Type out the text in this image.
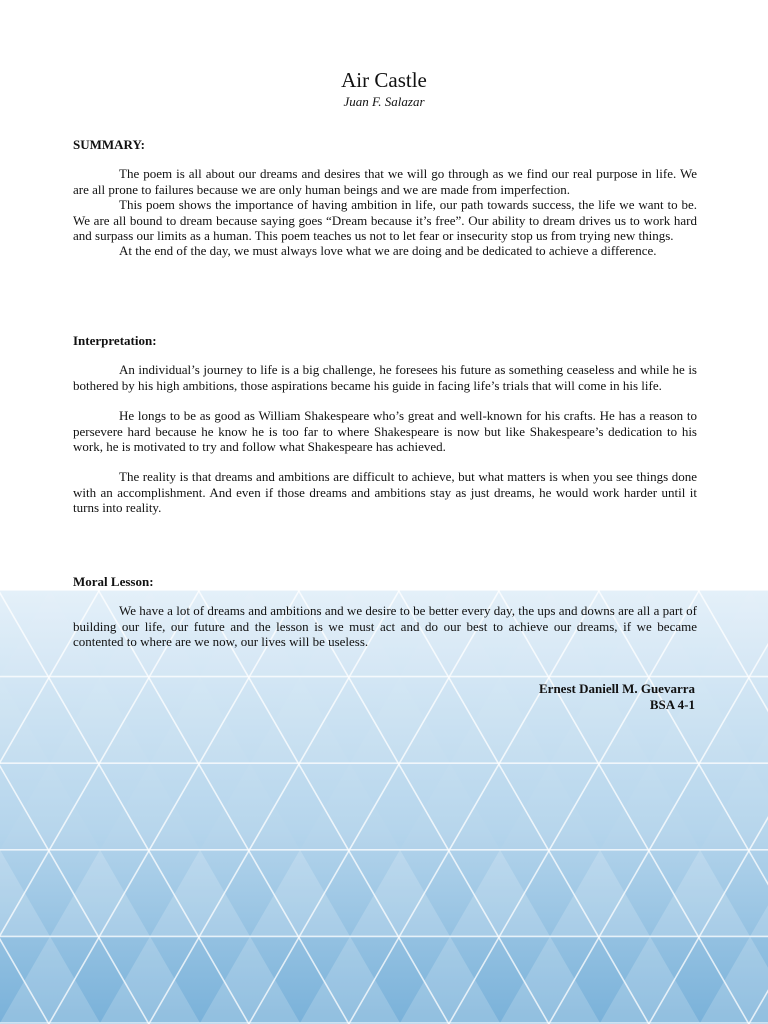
Air Castle
Juan F. Salazar

SUMMARY:

The poem is all about our dreams and desires that we will go through as we find our real purpose in life. We are all prone to failures because we are only human beings and we are made from imperfection.

This poem shows the importance of having ambition in life, our path towards success, the life we want to be. We are all bound to dream because saying goes “Dream because it’s free”. Our ability to dream drives us to work hard and surpass our limits as a human. This poem teaches us not to let fear or insecurity stop us from trying new things.

At the end of the day, we must always love what we are doing and be dedicated to achieve a difference.

Interpretation:

An individual’s journey to life is a big challenge, he foresees his future as something ceaseless and while he is bothered by his high ambitions, those aspirations became his guide in facing life’s trials that will come in his life.

He longs to be as good as William Shakespeare who’s great and well-known for his crafts. He has a reason to persevere hard because he know he is too far to where Shakespeare is now but like Shakespeare’s dedication to his work, he is motivated to try and follow what Shakespeare has achieved.

The reality is that dreams and ambitions are difficult to achieve, but what matters is when you see things done with an accomplishment. And even if those dreams and ambitions stay as just dreams, he would work harder until it turns into reality.

Moral Lesson:

We have a lot of dreams and ambitions and we desire to be better every day, the ups and downs are all a part of building our life, our future and the lesson is we must act and do our best to achieve our dreams, if we became contented to where are we now, our lives will be useless.

Ernest Daniell M. Guevarra
BSA 4-1
